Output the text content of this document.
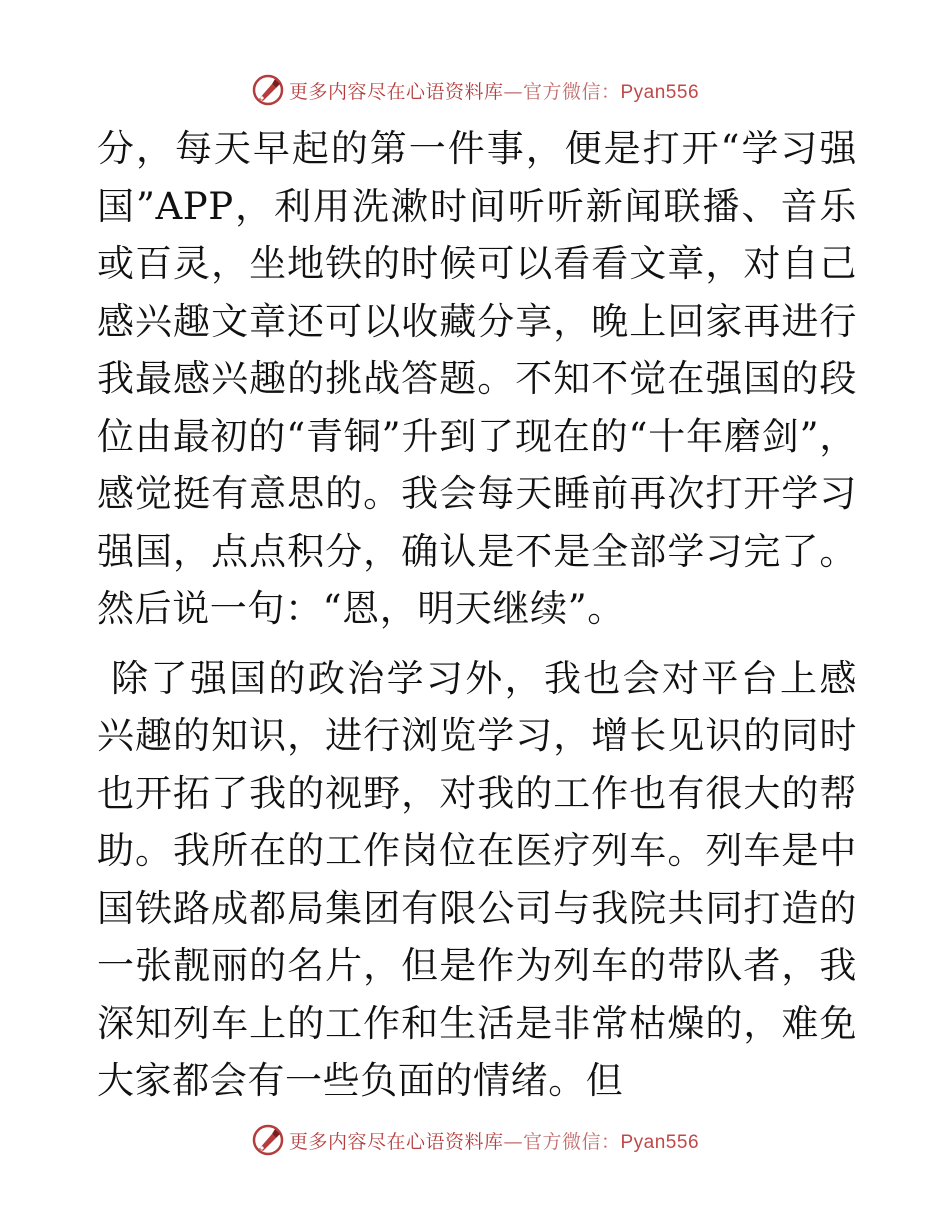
更多内容尽在心语资料库—官方微信：Pyan556

分，每天早起的第一件事，便是打开“学习强国”APP，利用洗漱时间听听新闻联播、音乐或百灵，坐地铁的时候可以看看文章，对自己感兴趣文章还可以收藏分享，晚上回家再进行我最感兴趣的挑战答题。不知不觉在强国的段位由最初的“青铜”升到了现在的“十年磨剑”，感觉挺有意思的。我会每天睡前再次打开学习强国，点点积分，确认是不是全部学习完了。然后说一句：“恩，明天继续”。

除了强国的政治学习外，我也会对平台上感兴趣的知识，进行浏览学习，增长见识的同时也开拓了我的视野，对我的工作也有很大的帮助。我所在的工作岗位在医疗列车。列车是中国铁路成都局集团有限公司与我院共同打造的一张靓丽的名片，但是作为列车的带队者，我深知列车上的工作和生活是非常枯燥的，难免大家都会有一些负面的情绪。但

更多内容尽在心语资料库—官方微信：Pyan556
